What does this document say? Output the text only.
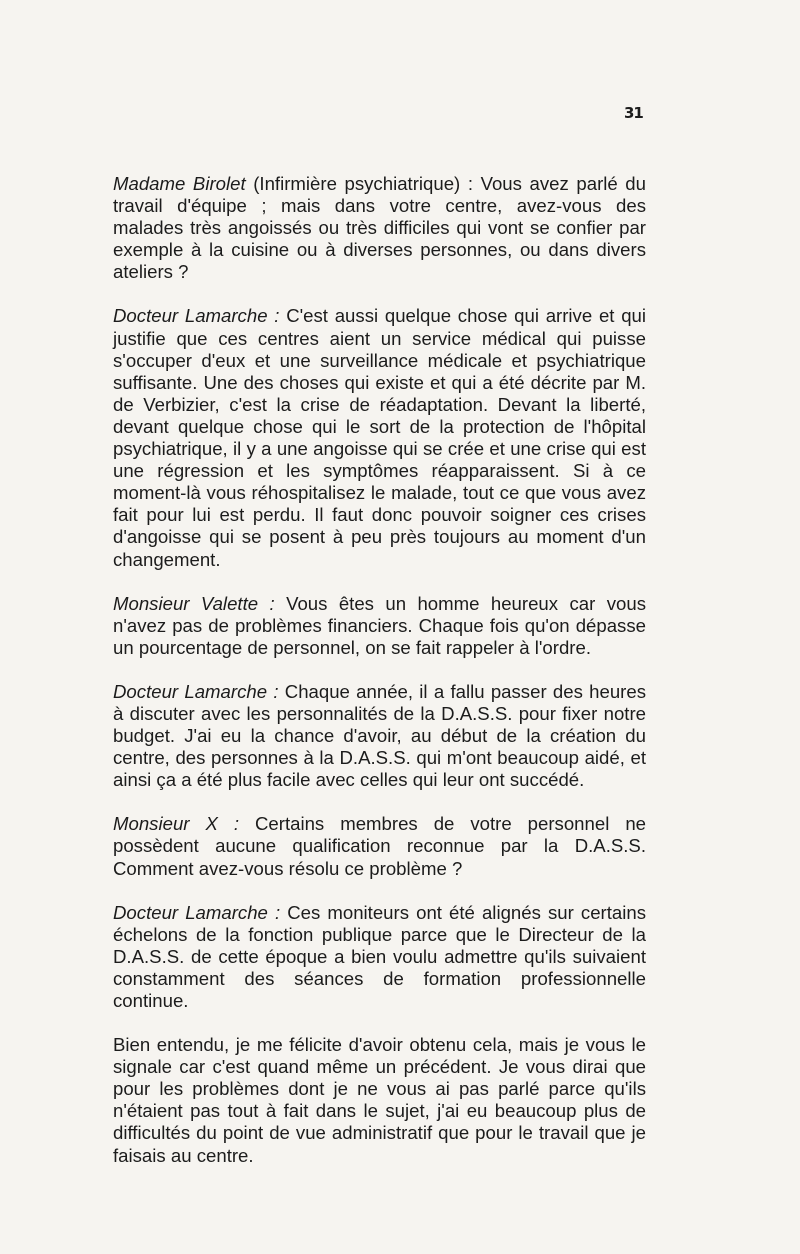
31

Madame Birolet (Infirmière psychiatrique) : Vous avez parlé du travail d'équipe ; mais dans votre centre, avez-vous des malades très angoissés ou très difficiles qui vont se confier par exemple à la cuisine ou à diverses personnes, ou dans divers ateliers ?

Docteur Lamarche : C'est aussi quelque chose qui arrive et qui justifie que ces centres aient un service médical qui puisse s'occuper d'eux et une surveillance médicale et psychiatrique suffisante. Une des choses qui existe et qui a été décrite par M. de Verbizier, c'est la crise de réadaptation. Devant la liberté, devant quelque chose qui le sort de la protection de l'hôpital psychiatrique, il y a une angoisse qui se crée et une crise qui est une régression et les symptômes réapparaissent. Si à ce moment-là vous réhospitalisez le malade, tout ce que vous avez fait pour lui est perdu. Il faut donc pouvoir soigner ces crises d'angoisse qui se posent à peu près toujours au moment d'un changement.

Monsieur Valette : Vous êtes un homme heureux car vous n'avez pas de problèmes financiers. Chaque fois qu'on dépasse un pourcentage de personnel, on se fait rappeler à l'ordre.

Docteur Lamarche : Chaque année, il a fallu passer des heures à discuter avec les personnalités de la D.A.S.S. pour fixer notre budget. J'ai eu la chance d'avoir, au début de la création du centre, des personnes à la D.A.S.S. qui m'ont beaucoup aidé, et ainsi ça a été plus facile avec celles qui leur ont succédé.

Monsieur X : Certains membres de votre personnel ne possèdent aucune qualification reconnue par la D.A.S.S. Comment avez-vous résolu ce problème ?

Docteur Lamarche : Ces moniteurs ont été alignés sur certains échelons de la fonction publique parce que le Directeur de la D.A.S.S. de cette époque a bien voulu admettre qu'ils suivaient constamment des séances de formation professionnelle continue.

Bien entendu, je me félicite d'avoir obtenu cela, mais je vous le signale car c'est quand même un précédent. Je vous dirai que pour les problèmes dont je ne vous ai pas parlé parce qu'ils n'étaient pas tout à fait dans le sujet, j'ai eu beaucoup plus de difficultés du point de vue administratif que pour le travail que je faisais au centre.
